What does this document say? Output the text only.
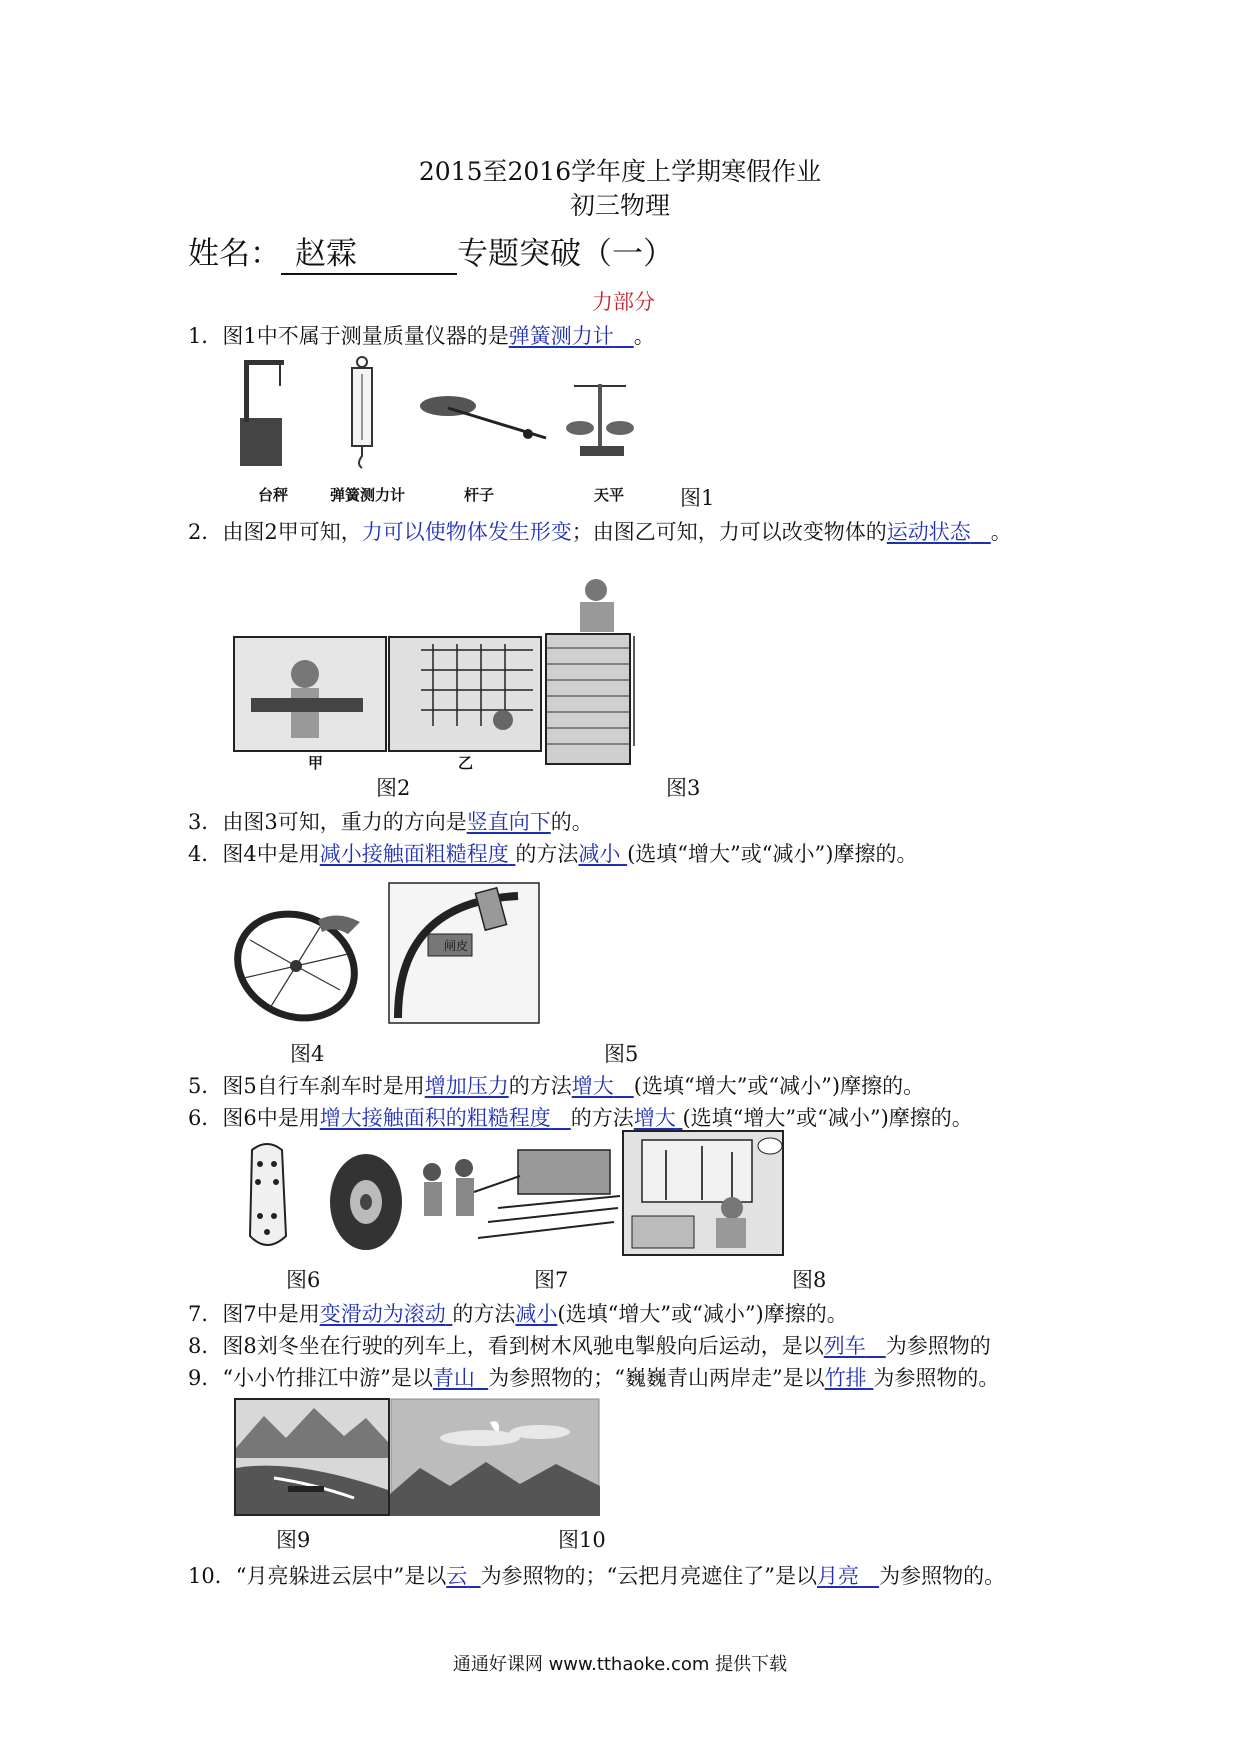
2015至2016学年度上学期寒假作业
初三物理
姓名： 赵霖	专题突破（一）
力部分
1．图1中不属于测量质量仪器的是弹簧测力计 。
台秤	弹簧测力计	杆子	天平	图1
2．由图2甲可知，力可以使物体发生形变；由图乙可知，力可以改变物体的运动状态 。
甲	乙
图2	图3
3．由图3可知，重力的方向是竖直向下的。
4．图4中是用减小接触面粗糙程度 的方法减小 (选填“增大”或“减小”)摩擦的。
闸皮
图4	图5
5．图5自行车刹车时是用增加压力的方法增大 (选填“增大”或“减小”)摩擦的。
6．图6中是用增大接触面积的粗糙程度 的方法增大 (选填“增大”或“减小”)摩擦的。
图6	图7	图8
7．图7中是用变滑动为滚动 的方法减小(选填“增大”或“减小”)摩擦的。
8．图8刘冬坐在行驶的列车上，看到树木风驰电掣般向后运动，是以列车 为参照物的
9．“小小竹排江中游”是以青山 为参照物的；“巍巍青山两岸走”是以竹排 为参照物的。
图9	图10
10．“月亮躲进云层中”是以云 为参照物的；“云把月亮遮住了”是以月亮 为参照物的。
通通好课网 www.tthaoke.com 提供下载
